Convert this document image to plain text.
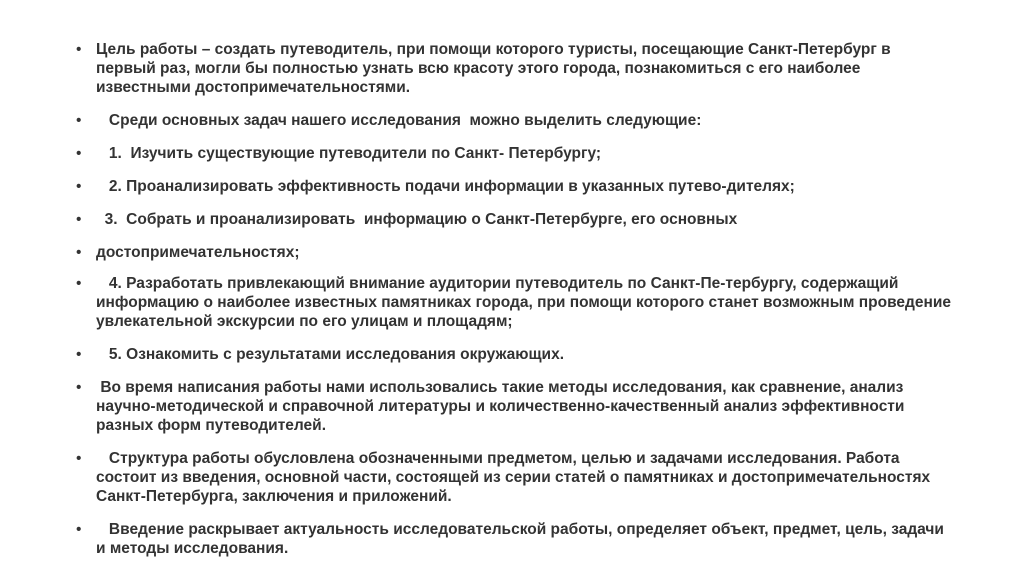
• Цель работы – создать путеводитель, при помощи которого туристы, посещающие Санкт-Петербург в первый раз, могли бы полностью узнать всю красоту этого города, познакомиться с его наиболее известными достопримечательностями.
• Среди основных задач нашего исследования  можно выделить следующие:
• 1.  Изучить существующие путеводители по Санкт- Петербургу;
• 2. Проанализировать эффективность подачи информации в указанных путево-дителях;
• 3.  Собрать и проанализировать  информацию о Санкт-Петербурге, его основных
• достопримечательностях;
• 4. Разработать привлекающий внимание аудитории путеводитель по Санкт-Пе-тербургу, содержащий информацию о наиболее известных памятниках города, при помощи которого станет возможным проведение увлекательной экскурсии по его улицам и площадям;
• 5. Ознакомить с результатами исследования окружающих.
• Во время написания работы нами использовались такие методы исследования, как сравнение, анализ научно-методической и справочной литературы и количественно-качественный анализ эффективности разных форм путеводителей.
• Структура работы обусловлена обозначенными предметом, целью и задачами исследования. Работа состоит из введения, основной части, состоящей из серии статей о памятниках и достопримечательностях Санкт-Петербурга, заключения и приложений.
• Введение раскрывает актуальность исследовательской работы, определяет объект, предмет, цель, задачи и методы исследования.
